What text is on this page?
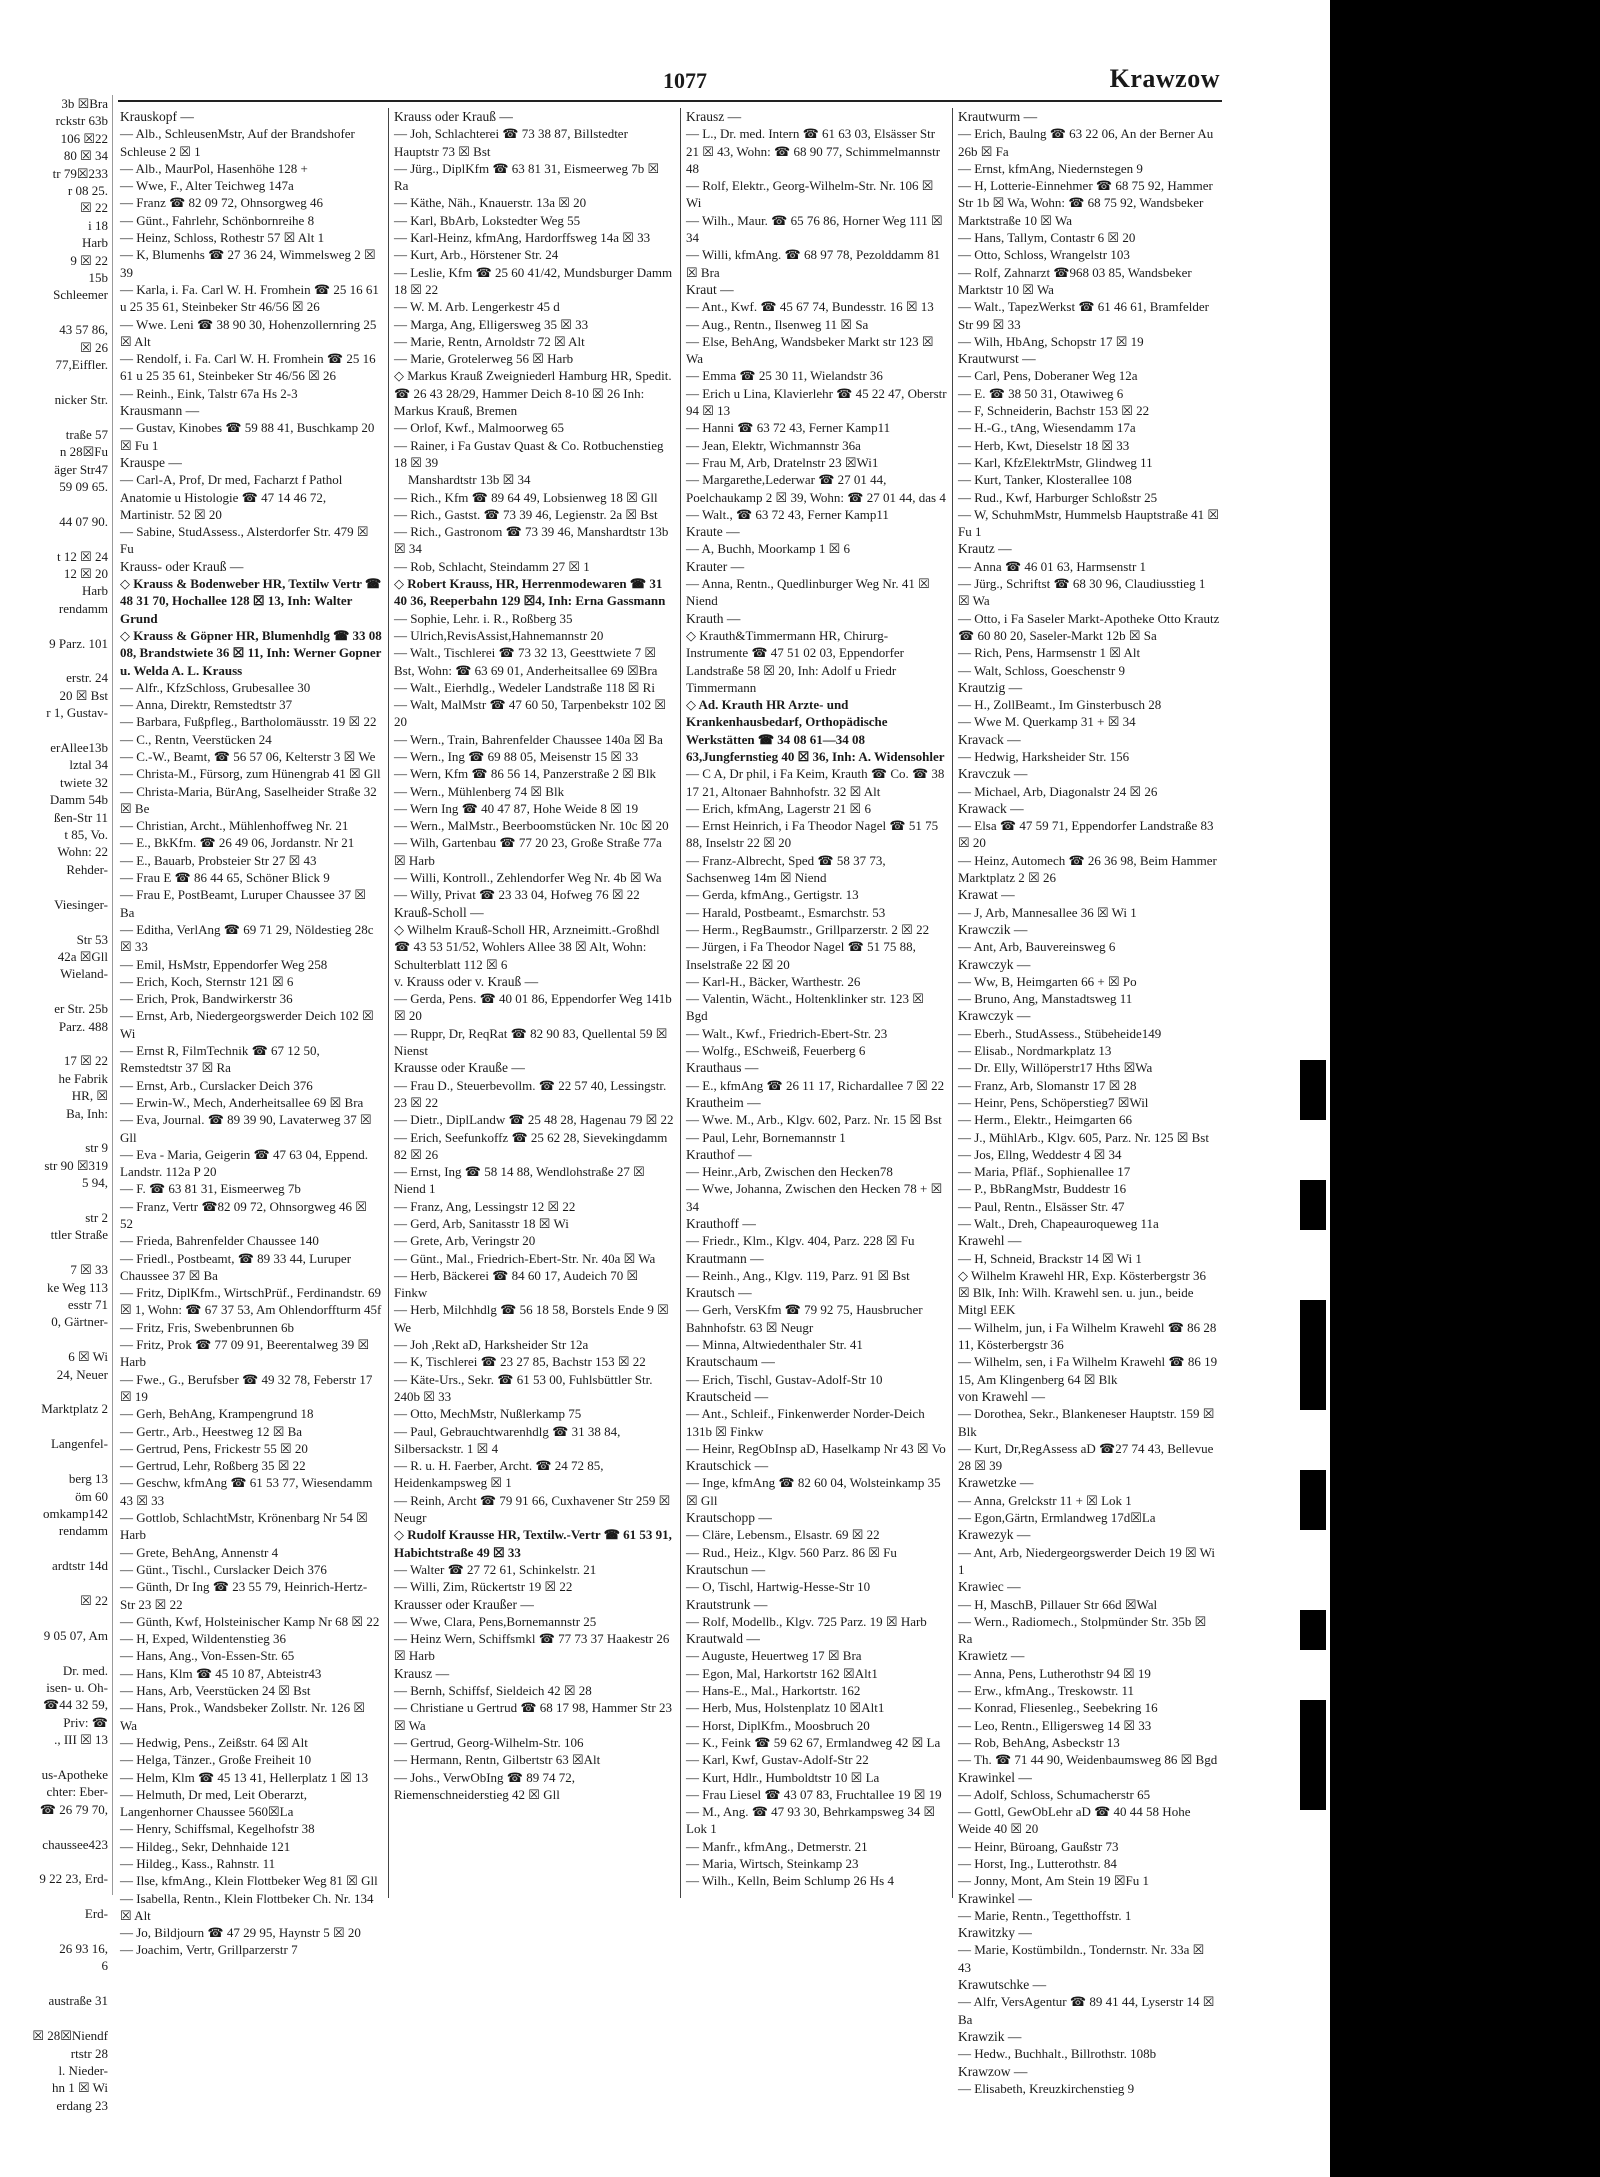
3b ☒Bra
rckstr 63b
106 ☒22
80 ☒ 34
tr 79☒233
r 08 25.
☒ 22
i 18
Harb
9 ☒ 22
15b
Schleemer

43 57 86,
☒ 26
77,Eiffler.

nicker Str.

traße 57
n 28☒Fu
äger Str47
59 09 65.

44 07 90.

t 12 ☒ 24
12 ☒ 20
Harb
rendamm

9 Parz. 101

erstr. 24
20 ☒ Bst
r 1, Gustav-

erAllee13b
lztal 34
twiete 32
Damm 54b
ßen-Str 11
t 85, Vo.
Wohn: 22
Rehder-

Viesinger-

Str 53
42a ☒Gll
Wieland-

er Str. 25b
Parz. 488

17 ☒ 22
he Fabrik
HR, ☒
Ba, Inh:

str 9
str 90 ☒319
5 94,

str 2
ttler Straße

7 ☒ 33
ke Weg 113
esstr 71
0, Gärtner-

6 ☒ Wi
24, Neuer

Marktplatz 2

Langenfel-

berg 13
öm 60
omkamp142
rendamm

ardtstr 14d

☒ 22

9 05 07, Am

Dr. med.
isen- u. Oh-
☎44 32 59,
Priv: ☎
., III ☒ 13

us-Apotheke
chter: Eber-
☎ 26 79 70,

chaussee423

9 22 23, Erd-

Erd-

26 93 16,
6

austraße 31

☒ 28☒Niendf
rtstr 28
l. Nieder-
hn 1 ☒ Wi
erdang 23
1077	Krawzow
Krauskopf —
— Alb., SchleusenMstr, Auf der Brandshofer Schleuse 2 ☒ 1
— Alb., MaurPol, Hasenhöhe 128 +
— Wwe, F., Alter Teichweg 147a
— Franz ☎ 82 09 72, Ohnsorgweg 46
— Günt., Fahrlehr, Schönbornreihe 8
— Heinz, Schloss, Rothestr 57 ☒ Alt 1
— K, Blumenhs ☎ 27 36 24, Wimmelsweg 2 ☒ 39
— Karla, i. Fa. Carl W. H. Fromhein ☎ 25 16 61 u 25 35 61, Steinbeker Str 46/56 ☒ 26
— Wwe. Leni ☎ 38 90 30, Hohenzollernring 25 ☒ Alt
— Rendolf, i. Fa. Carl W. H. Fromhein ☎ 25 16 61 u 25 35 61, Steinbeker Str 46/56 ☒ 26
— Reinh., Eink, Talstr 67a Hs 2-3
Krausmann —
— Gustav, Kinobes ☎ 59 88 41, Buschkamp 20 ☒ Fu 1
Krauspe —
— Carl-A, Prof, Dr med, Facharzt f Pathol Anatomie u Histologie ☎ 47 14 46 72, Martinistr. 52 ☒ 20
— Sabine, StudAssess., Alsterdorfer Str. 479 ☒ Fu
Krauss- oder Krauß —
◇ Krauss & Bodenweber HR, Textilw Vertr ☎ 48 31 70, Hochallee 128 ☒ 13, Inh: Walter Grund
◇ Krauss & Göpner HR, Blumenhdlg ☎ 33 08 08, Brandstwiete 36 ☒ 11, Inh: Werner Gopner u. Welda A. L. Krauss
— Alfr., KfzSchloss, Grubesallee 30
— Anna, Direktr, Remstedtstr 37
— Barbara, Fußpfleg., Bartholomäusstr. 19 ☒ 22
— C., Rentn, Veerstücken 24
— C.-W., Beamt, ☎ 56 57 06, Kelterstr 3 ☒ We
— Christa-M., Fürsorg, zum Hünengrab 41 ☒ Gll
— Christa-Maria, BürAng, Saselheider Straße 32 ☒ Be
— Christian, Archt., Mühlenhoffweg Nr. 21
— E., BkKfm. ☎ 26 49 06, Jordanstr. Nr 21
— E., Bauarb, Probsteier Str 27 ☒ 43
— Frau E ☎ 86 44 65, Schöner Blick 9
— Frau E, PostBeamt, Luruper Chaussee 37 ☒ Ba
— Editha, VerlAng ☎ 69 71 29, Nöldestieg 28c ☒ 33
— Emil, HsMstr, Eppendorfer Weg 258
— Erich, Koch, Sternstr 121 ☒ 6
— Erich, Prok, Bandwirkerstr 36
— Ernst, Arb, Niedergeorgswerder Deich 102 ☒ Wi
— Ernst R, FilmTechnik ☎ 67 12 50, Remstedtstr 37 ☒ Ra
— Ernst, Arb., Curslacker Deich 376
— Erwin-W., Mech, Anderheitsallee 69 ☒ Bra
— Eva, Journal. ☎ 89 39 90, Lavaterweg 37 ☒ Gll
— Eva - Maria, Geigerin ☎ 47 63 04, Eppend. Landstr. 112a P 20
— F. ☎ 63 81 31, Eismeerweg 7b
— Franz, Vertr ☎82 09 72, Ohnsorgweg 46 ☒ 52
— Frieda, Bahrenfelder Chaussee 140
— Friedl., Postbeamt, ☎ 89 33 44, Luruper Chaussee 37 ☒ Ba
— Fritz, DiplKfm., WirtschPrüf., Ferdinandstr. 69 ☒ 1, Wohn: ☎ 67 37 53, Am Ohlendorffturm 45f
— Fritz, Fris, Swebenbrunnen 6b
— Fritz, Prok ☎ 77 09 91, Beerentalweg 39 ☒ Harb
— Fwe., G., Berufsber ☎ 49 32 78, Feberstr 17 ☒ 19
— Gerh, BehAng, Krampengrund 18
— Gertr., Arb., Heestweg 12 ☒ Ba
— Gertrud, Pens, Frickestr 55 ☒ 20
— Gertrud, Lehr, Roßberg 35 ☒ 22
— Geschw, kfmAng ☎ 61 53 77, Wiesendamm 43 ☒ 33
— Gottlob, SchlachtMstr, Krönenbarg Nr 54 ☒ Harb
— Grete, BehAng, Annenstr 4
— Günt., Tischl., Curslacker Deich 376
— Günth, Dr Ing ☎ 23 55 79, Heinrich-Hertz-Str 23 ☒ 22
— Günth, Kwf, Holsteinischer Kamp Nr 68 ☒ 22
— H, Exped, Wildentenstieg 36
— Hans, Ang., Von-Essen-Str. 65
— Hans, Klm ☎ 45 10 87, Abteistr43
— Hans, Arb, Veerstücken 24 ☒ Bst
— Hans, Prok., Wandsbeker Zollstr. Nr. 126 ☒ Wa
— Hedwig, Pens., Zeißstr. 64 ☒ Alt
— Helga, Tänzer., Große Freiheit 10
— Helm, Klm ☎ 45 13 41, Hellerplatz 1 ☒ 13
— Helmuth, Dr med, Leit Oberarzt, Langenhorner Chaussee 560☒La
— Henry, Schiffsmal, Kegelhofstr 38
— Hildeg., Sekr, Dehnhaide 121
— Hildeg., Kass., Rahnstr. 11
— Ilse, kfmAng., Klein Flottbeker Weg 81 ☒ Gll
— Isabella, Rentn., Klein Flottbeker Ch. Nr. 134 ☒ Alt
— Jo, Bildjourn ☎ 47 29 95, Haynstr 5 ☒ 20
— Joachim, Vertr, Grillparzerstr 7
Krauss oder Krauß —
— Joh, Schlachterei ☎ 73 38 87, Billstedter Hauptstr 73 ☒ Bst
— Jürg., DiplKfm ☎ 63 81 31, Eismeerweg 7b ☒ Ra
— Käthe, Näh., Knauerstr. 13a ☒ 20
— Karl, BbArb, Lokstedter Weg 55
— Karl-Heinz, kfmAng, Hardorffsweg 14a ☒ 33
— Kurt, Arb., Hörstener Str. 24
— Leslie, Kfm ☎ 25 60 41/42, Mundsburger Damm 18 ☒ 22
— W. M. Arb. Lengerkestr 45 d
— Marga, Ang, Elligersweg 35 ☒ 33
— Marie, Rentn, Arnoldstr 72 ☒ Alt
— Marie, Grotelerweg 56 ☒ Harb
◇ Markus Krauß Zweigniederl Hamburg HR, Spedit. ☎ 26 43 28/29, Hammer Deich 8-10 ☒ 26 Inh: Markus Krauß, Bremen
— Orlof, Kwf., Malmoorweg 65
— Rainer, i Fa Gustav Quast & Co. Rotbuchenstieg 18 ☒ 39
Manshardtstr 13b ☒ 34
— Rich., Kfm ☎ 89 64 49, Lobsienweg 18 ☒ Gll
— Rich., Gastst. ☎ 73 39 46, Legienstr. 2a ☒ Bst
— Rich., Gastronom ☎ 73 39 46, Manshardtstr 13b ☒ 34
— Rob, Schlacht, Steindamm 27 ☒ 1
◇ Robert Krauss, HR, Herrenmodewaren ☎ 31 40 36, Reeperbahn 129 ☒4, Inh: Erna Gassmann
— Sophie, Lehr. i. R., Roßberg 35
— Ulrich,RevisAssist,Hahnemannstr 20
— Walt., Tischlerei ☎ 73 32 13, Geesttwiete 7 ☒ Bst, Wohn: ☎ 63 69 01, Anderheitsallee 69 ☒Bra
— Walt., Eierhdlg., Wedeler Landstraße 118 ☒ Ri
— Walt, MalMstr ☎ 47 60 50, Tarpenbekstr 102 ☒ 20
— Wern., Train, Bahrenfelder Chaussee 140a ☒ Ba
— Wern., Ing ☎ 69 88 05, Meisenstr 15 ☒ 33
— Wern, Kfm ☎ 86 56 14, Panzerstraße 2 ☒ Blk
— Wern., Mühlenberg 74 ☒ Blk
— Wern Ing ☎ 40 47 87, Hohe Weide 8 ☒ 19
— Wern., MalMstr., Beerboomstücken Nr. 10c ☒ 20
— Wilh, Gartenbau ☎ 77 20 23, Große Straße 77a ☒ Harb
— Willi, Kontroll., Zehlendorfer Weg Nr. 4b ☒ Wa
— Willy, Privat ☎ 23 33 04, Hofweg 76 ☒ 22
Krauß-Scholl —
◇ Wilhelm Krauß-Scholl HR, Arzneimitt.-Großhdl ☎ 43 53 51/52, Wohlers Allee 38 ☒ Alt, Wohn: Schulterblatt 112 ☒ 6
v. Krauss oder v. Krauß —
— Gerda, Pens. ☎ 40 01 86, Eppendorfer Weg 141b ☒ 20
— Ruppr, Dr, ReqRat ☎ 82 90 83, Quellental 59 ☒ Nienst
Krausse oder Krauße —
— Frau D., Steuerbevollm. ☎ 22 57 40, Lessingstr. 23 ☒ 22
— Dietr., DiplLandw ☎ 25 48 28, Hagenau 79 ☒ 22
— Erich, Seefunkoffz ☎ 25 62 28, Sievekingdamm 82 ☒ 26
— Ernst, Ing ☎ 58 14 88, Wendlohstraße 27 ☒ Niend 1
— Franz, Ang, Lessingstr 12 ☒ 22
— Gerd, Arb, Sanitasstr 18 ☒ Wi
— Grete, Arb, Veringstr 20
— Günt., Mal., Friedrich-Ebert-Str. Nr. 40a ☒ Wa
— Herb, Bäckerei ☎ 84 60 17, Audeich 70 ☒ Finkw
— Herb, Milchhdlg ☎ 56 18 58, Borstels Ende 9 ☒ We
— Joh ,Rekt aD, Harksheider Str 12a
— K, Tischlerei ☎ 23 27 85, Bachstr 153 ☒ 22
— Käte-Urs., Sekr. ☎ 61 53 00, Fuhlsbüttler Str. 240b ☒ 33
— Otto, MechMstr, Nußlerkamp 75
— Paul, Gebrauchtwarenhdlg ☎ 31 38 84, Silbersackstr. 1 ☒ 4
— R. u. H. Faerber, Archt. ☎ 24 72 85, Heidenkampsweg ☒ 1
— Reinh, Archt ☎ 79 91 66, Cuxhavener Str 259 ☒ Neugr
◇ Rudolf Krausse HR, Textilw.-Vertr ☎ 61 53 91, Habichtstraße 49 ☒ 33
— Walter ☎ 27 72 61, Schinkelstr. 21
— Willi, Zim, Rückertstr 19 ☒ 22
Krausser oder Kraußer —
— Wwe, Clara, Pens,Bornemannstr 25
— Heinz Wern, Schiffsmkl ☎ 77 73 37 Haakestr 26 ☒ Harb
Krausz —
— Bernh, Schiffsf, Sieldeich 42 ☒ 28
— Christiane u Gertrud ☎ 68 17 98, Hammer Str 23 ☒ Wa
— Gertrud, Georg-Wilhelm-Str. 106
— Hermann, Rentn, Gilbertstr 63 ☒Alt
— Johs., VerwObIng ☎ 89 74 72, Riemenschneiderstieg 42 ☒ Gll
Krausz —
— L., Dr. med. Intern ☎ 61 63 03, Elsässer Str 21 ☒ 43, Wohn: ☎ 68 90 77, Schimmelmannstr 48
— Rolf, Elektr., Georg-Wilhelm-Str. Nr. 106 ☒ Wi
— Wilh., Maur. ☎ 65 76 86, Horner Weg 111 ☒ 34
— Willi, kfmAng. ☎ 68 97 78, Pezolddamm 81 ☒ Bra
Kraut —
— Ant., Kwf. ☎ 45 67 74, Bundesstr. 16 ☒ 13
— Aug., Rentn., Ilsenweg 11 ☒ Sa
— Else, BehAng, Wandsbeker Markt str 123 ☒ Wa
— Emma ☎ 25 30 11, Wielandstr 36
— Erich u Lina, Klavierlehr ☎ 45 22 47, Oberstr 94 ☒ 13
— Hanni ☎ 63 72 43, Ferner Kamp11
— Jean, Elektr, Wichmannstr 36a
— Frau M, Arb, Dratelnstr 23 ☒Wi1
— Margarethe,Lederwar ☎ 27 01 44, Poelchaukamp 2 ☒ 39, Wohn: ☎ 27 01 44, das 4
— Walt., ☎ 63 72 43, Ferner Kamp11
Kraute —
— A, Buchh, Moorkamp 1 ☒ 6
Krauter —
— Anna, Rentn., Quedlinburger Weg Nr. 41 ☒ Niend
Krauth —
◇ Krauth&Timmermann HR, Chirurg-Instrumente ☎ 47 51 02 03, Eppendorfer Landstraße 58 ☒ 20, Inh: Adolf u Friedr Timmermann
◇ Ad. Krauth HR Arzte- und Krankenhausbedarf, Orthopädische Werkstätten ☎ 34 08 61—34 08 63,Jungfernstieg 40 ☒ 36, Inh: A. Widensohler
— C A, Dr phil, i Fa Keim, Krauth ☎ Co. ☎ 38 17 21, Altonaer Bahnhofstr. 32 ☒ Alt
— Erich, kfmAng, Lagerstr 21 ☒ 6
— Ernst Heinrich, i Fa Theodor Nagel ☎ 51 75 88, Inselstr 22 ☒ 20
— Franz-Albrecht, Sped ☎ 58 37 73, Sachsenweg 14m ☒ Niend
— Gerda, kfmAng., Gertigstr. 13
— Harald, Postbeamt., Esmarchstr. 53
— Herm., RegBaumstr., Grillparzerstr. 2 ☒ 22
— Jürgen, i Fa Theodor Nagel ☎ 51 75 88, Inselstraße 22 ☒ 20
— Karl-H., Bäcker, Warthestr. 26
— Valentin, Wächt., Holtenklinker str. 123 ☒ Bgd
— Walt., Kwf., Friedrich-Ebert-Str. 23
— Wolfg., ESchweiß, Feuerberg 6
Krauthaus —
— E., kfmAng ☎ 26 11 17, Richardallee 7 ☒ 22
Krautheim —
— Wwe. M., Arb., Klgv. 602, Parz. Nr. 15 ☒ Bst
— Paul, Lehr, Bornemannstr 1
Krauthof —
— Heinr.,Arb, Zwischen den Hecken78
— Wwe, Johanna, Zwischen den Hecken 78 + ☒ 34
Krauthoff —
— Friedr., Klm., Klgv. 404, Parz. 228 ☒ Fu
Krautmann —
— Reinh., Ang., Klgv. 119, Parz. 91 ☒ Bst
Krautsch —
— Gerh, VersKfm ☎ 79 92 75, Hausbrucher Bahnhofstr. 63 ☒ Neugr
— Minna, Altwiedenthaler Str. 41
Krautschaum —
— Erich, Tischl, Gustav-Adolf-Str 10
Krautscheid —
— Ant., Schleif., Finkenwerder Norder-Deich 131b ☒ Finkw
— Heinr, RegObInsp aD, Haselkamp Nr 43 ☒ Vo
Krautschick —
— Inge, kfmAng ☎ 82 60 04, Wolsteinkamp 35 ☒ Gll
Krautschopp —
— Cläre, Lebensm., Elsastr. 69 ☒ 22
— Rud., Heiz., Klgv. 560 Parz. 86 ☒ Fu
Krautschun —
— O, Tischl, Hartwig-Hesse-Str 10
Krautstrunk —
— Rolf, Modellb., Klgv. 725 Parz. 19 ☒ Harb
Krautwald —
— Auguste, Heuertweg 17 ☒ Bra
— Egon, Mal, Harkortstr 162 ☒Alt1
— Hans-E., Mal., Harkortstr. 162
— Herb, Mus, Holstenplatz 10 ☒Alt1
— Horst, DiplKfm., Moosbruch 20
— K., Feink ☎ 59 62 67, Ermlandweg 42 ☒ La
— Karl, Kwf, Gustav-Adolf-Str 22
— Kurt, Hdlr., Humboldtstr 10 ☒ La
— Frau Liesel ☎ 43 07 83, Fruchtallee 19 ☒ 19
— M., Ang. ☎ 47 93 30, Behrkampsweg 34 ☒ Lok 1
— Manfr., kfmAng., Detmerstr. 21
— Maria, Wirtsch, Steinkamp 23
— Wilh., Kelln, Beim Schlump 26 Hs 4
Krautwurm —
— Erich, Baulng ☎ 63 22 06, An der Berner Au 26b ☒ Fa
— Ernst, kfmAng, Niedernstegen 9
— H, Lotterie-Einnehmer ☎ 68 75 92, Hammer Str 1b ☒ Wa, Wohn: ☎ 68 75 92, Wandsbeker Marktstraße 10 ☒ Wa
— Hans, Tallym, Contastr 6 ☒ 20
— Otto, Schloss, Wrangelstr 103
— Rolf, Zahnarzt ☎968 03 85, Wandsbeker Marktstr 10 ☒ Wa
— Walt., TapezWerkst ☎ 61 46 61, Bramfelder Str 99 ☒ 33
— Wilh, HbAng, Schopstr 17 ☒ 19
Krautwurst —
— Carl, Pens, Doberaner Weg 12a
— E. ☎ 38 50 31, Otawiweg 6
— F, Schneiderin, Bachstr 153 ☒ 22
— H.-G., tAng, Wiesendamm 17a
— Herb, Kwt, Dieselstr 18 ☒ 33
— Karl, KfzElektrMstr, Glindweg 11
— Kurt, Tanker, Klosterallee 108
— Rud., Kwf, Harburger Schloßstr 25
— W, SchuhmMstr, Hummelsb Hauptstraße 41 ☒ Fu 1
Krautz —
— Anna ☎ 46 01 63, Harmsenstr 1
— Jürg., Schriftst ☎ 68 30 96, Claudiusstieg 1 ☒ Wa
— Otto, i Fa Saseler Markt-Apotheke Otto Krautz ☎ 60 80 20, Saseler-Markt 12b ☒ Sa
— Rich, Pens, Harmsenstr 1 ☒ Alt
— Walt, Schloss, Goeschenstr 9
Krautzig —
— H., ZollBeamt., Im Ginsterbusch 28
— Wwe M. Querkamp 31 + ☒ 34
Kravack —
— Hedwig, Harksheider Str. 156
Kravczuk —
— Michael, Arb, Diagonalstr 24 ☒ 26
Krawack —
— Elsa ☎ 47 59 71, Eppendorfer Landstraße 83 ☒ 20
— Heinz, Automech ☎ 26 36 98, Beim Hammer Marktplatz 2 ☒ 26
Krawat —
— J, Arb, Mannesallee 36 ☒ Wi 1
Krawczik —
— Ant, Arb, Bauvereinsweg 6
Krawczyk —
— Ww, B, Heimgarten 66 + ☒ Po
— Bruno, Ang, Manstadtsweg 11
Krawczyk —
— Eberh., StudAssess., Stübeheide149
— Elisab., Nordmarkplatz 13
— Dr. Elly, Willöperstr17 Hths ☒Wa
— Franz, Arb, Slomanstr 17 ☒ 28
— Heinr, Pens, Schöperstieg7 ☒Wil
— Herm., Elektr., Heimgarten 66
— J., MühlArb., Klgv. 605, Parz. Nr. 125 ☒ Bst
— Jos, Ellng, Weddestr 4 ☒ 34
— Maria, Pfläf., Sophienallee 17
— P., BbRangMstr, Buddestr 16
— Paul, Rentn., Elsässer Str. 47
— Walt., Dreh, Chapeauroqueweg 11a
Krawehl —
— H, Schneid, Brackstr 14 ☒ Wi 1
◇ Wilhelm Krawehl HR, Exp. Kösterbergstr 36 ☒ Blk, Inh: Wilh. Krawehl sen. u. jun., beide Mitgl EEK
— Wilhelm, jun, i Fa Wilhelm Krawehl ☎ 86 28 11, Kösterbergstr 36
— Wilhelm, sen, i Fa Wilhelm Krawehl ☎ 86 19 15, Am Klingenberg 64 ☒ Blk
von Krawehl —
— Dorothea, Sekr., Blankeneser Hauptstr. 159 ☒ Blk
— Kurt, Dr,RegAssess aD ☎27 74 43, Bellevue 28 ☒ 39
Krawetzke —
— Anna, Grelckstr 11 + ☒ Lok 1
— Egon,Gärtn, Ermlandweg 17d☒La
Krawezyk —
— Ant, Arb, Niedergeorgswerder Deich 19 ☒ Wi 1
Krawiec —
— H, MaschB, Pillauer Str 66d ☒Wal
— Wern., Radiomech., Stolpmünder Str. 35b ☒ Ra
Krawietz —
— Anna, Pens, Lutherothstr 94 ☒ 19
— Erw., kfmAng., Treskowstr. 11
— Konrad, Fliesenleg., Seebekring 16
— Leo, Rentn., Elligersweg 14 ☒ 33
— Rob, BehAng, Asbeckstr 13
— Th. ☎ 71 44 90, Weidenbaumsweg 86 ☒ Bgd
Krawinkel —
— Adolf, Schloss, Schumacherstr 65
— Gottl, GewObLehr aD ☎ 40 44 58 Hohe Weide 40 ☒ 20
— Heinr, Büroang, Gaußstr 73
— Horst, Ing., Lutterothstr. 84
— Jonny, Mont, Am Stein 19 ☒Fu 1
Krawinkel —
— Marie, Rentn., Tegetthoffstr. 1
Krawitzky —
— Marie, Kostümbildn., Tondernstr. Nr. 33a ☒ 43
Krawutschke —
— Alfr, VersAgentur ☎ 89 41 44, Lyserstr 14 ☒ Ba
Krawzik —
— Hedw., Buchhalt., Billrothstr. 108b
Krawzow —
— Elisabeth, Kreuzkirchenstieg 9
